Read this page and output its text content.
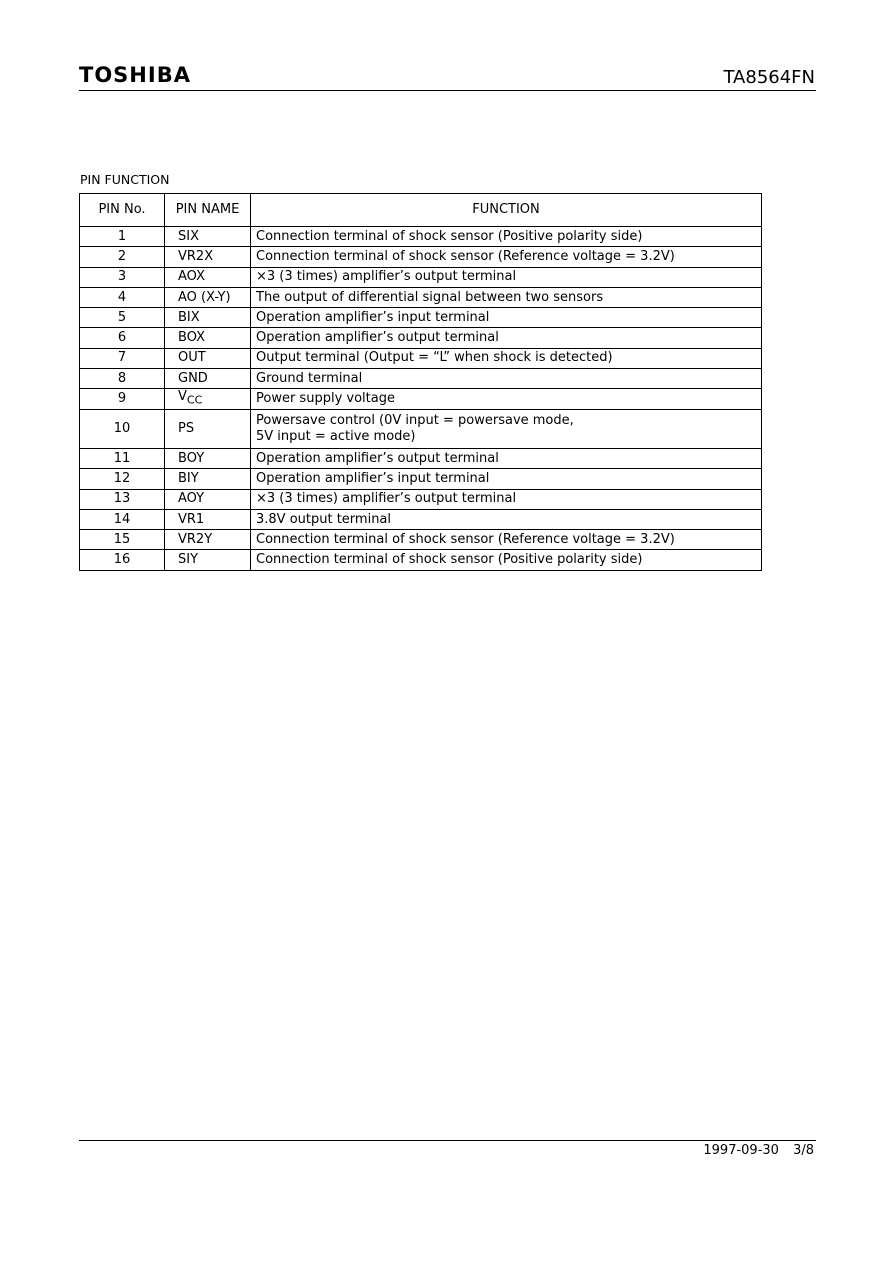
TOSHIBA	TA8564FN
PIN FUNCTION
PIN No.	PIN NAME	FUNCTION
1	SIX	Connection terminal of shock sensor (Positive polarity side)
2	VR2X	Connection terminal of shock sensor (Reference voltage = 3.2V)
3	AOX	×3 (3 times) amplifier’s output terminal
4	AO (X-Y)	The output of differential signal between two sensors
5	BIX	Operation amplifier’s input terminal
6	BOX	Operation amplifier’s output terminal
7	OUT	Output terminal (Output = “L” when shock is detected)
8	GND	Ground terminal
9	$V_{CC}$	Power supply voltage
10	PS	Powersave control (0V input = powersave mode,
5V input = active mode)

11	BOY	Operation amplifier’s output terminal
12	BIY	Operation amplifier’s input terminal
13	AOY	×3 (3 times) amplifier’s output terminal
14	VR1	3.8V output terminal
15	VR2Y	Connection terminal of shock sensor (Reference voltage = 3.2V)
16	SIY	Connection terminal of shock sensor (Positive polarity side)
1997-09-30 3/8
